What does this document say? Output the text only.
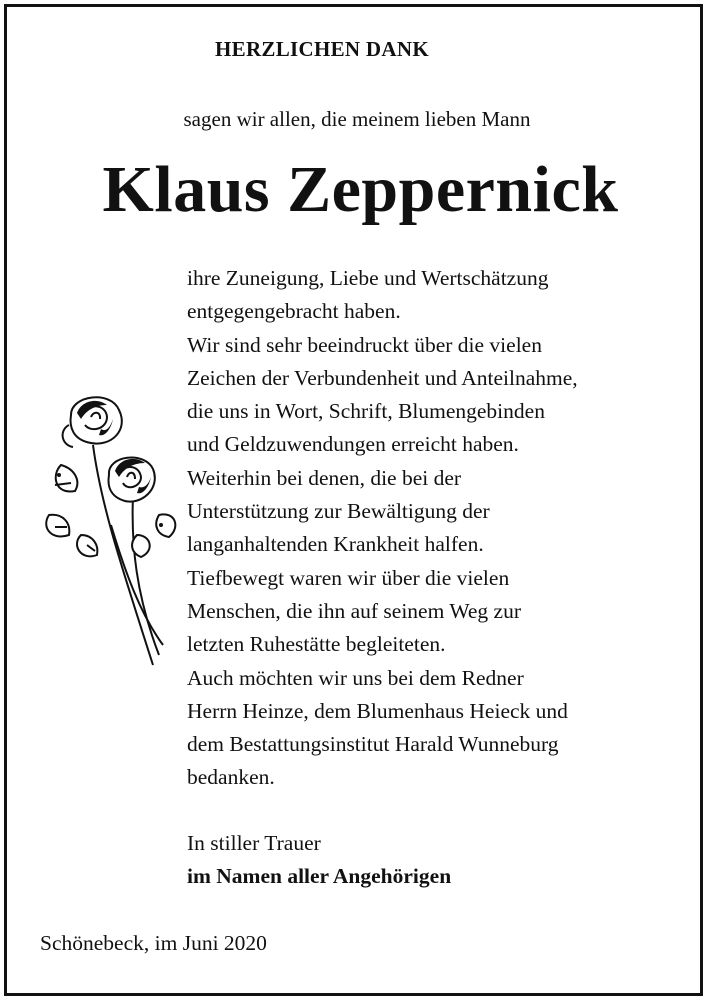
HERZLICHEN DANK
sagen wir allen, die meinem lieben Mann
Klaus Zeppernick
ihre Zuneigung, Liebe und Wertschätzung
entgegengebracht haben.
Wir sind sehr beeindruckt über die vielen
Zeichen der Verbundenheit und Anteilnahme,
die uns in Wort, Schrift, Blumengebinden
und Geldzuwendungen erreicht haben.
Weiterhin bei denen, die bei der
Unterstützung zur Bewältigung der
langanhaltenden Krankheit halfen.
Tiefbewegt waren wir über die vielen
Menschen, die ihn auf seinem Weg zur
letzten Ruhestätte begleiteten.
Auch möchten wir uns bei dem Redner
Herrn Heinze, dem Blumenhaus Heieck und
dem Bestattungsinstitut Harald Wunneburg
bedanken.
In stiller Trauer
im Namen aller Angehörigen
Schönebeck, im Juni 2020
